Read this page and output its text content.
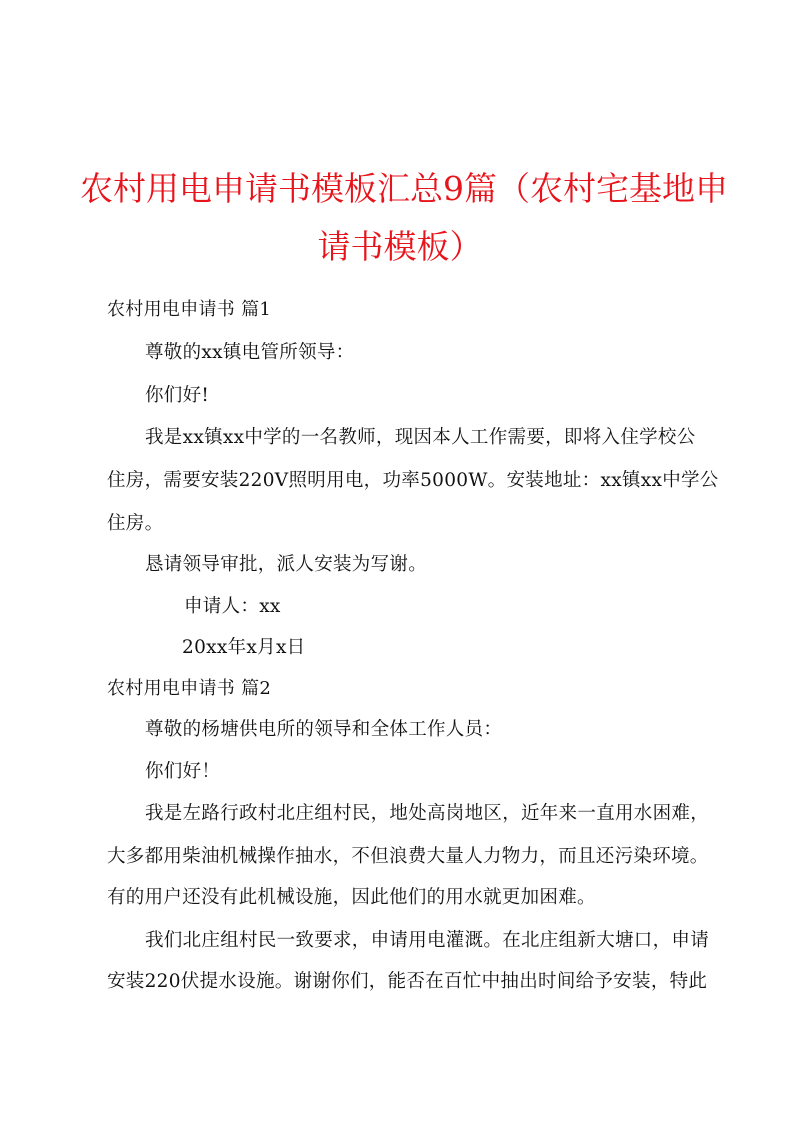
农村用电申请书模板汇总9篇（农村宅基地申
请书模板）
农村用电申请书 篇1
尊敬的xx镇电管所领导：
你们好!
我是xx镇xx中学的一名教师，现因本人工作需要，即将入住学校公
住房，需要安装220V照明用电，功率5000W。安装地址：xx镇xx中学公
住房。
恳请领导审批，派人安装为写谢。
申请人：xx
20xx年x月x日
农村用电申请书 篇2
尊敬的杨塘供电所的领导和全体工作人员：
你们好！
我是左路行政村北庄组村民，地处高岗地区，近年来一直用水困难，
大多都用柴油机械操作抽水，不但浪费大量人力物力，而且还污染环境。
有的用户还没有此机械设施，因此他们的用水就更加困难。
我们北庄组村民一致要求，申请用电灌溉。在北庄组新大塘口，申请
安装220伏提水设施。谢谢你们，能否在百忙中抽出时间给予安装，特此
